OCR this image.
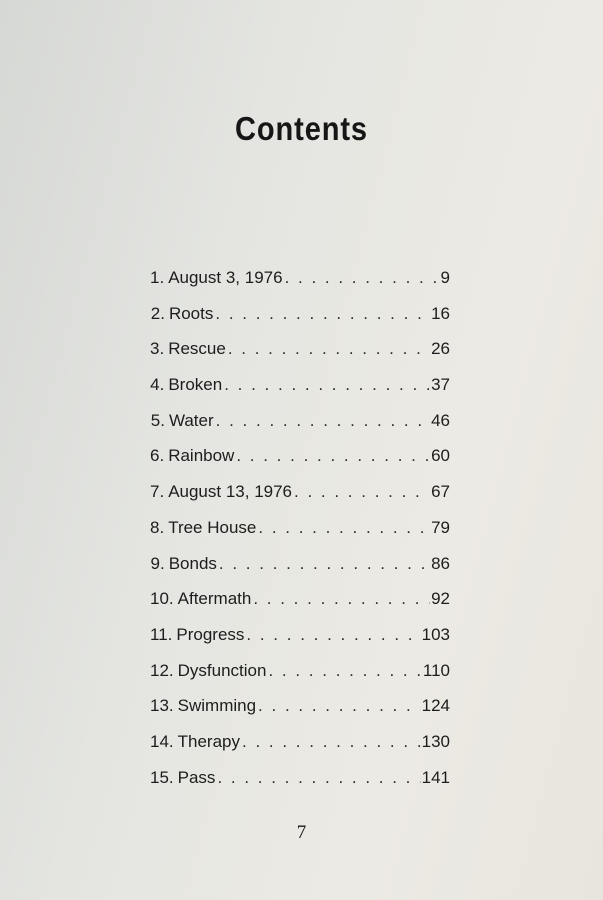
Contents
1. August 3, 1976 . . .	9
2. Roots . . .	16
3. Rescue . . .	26
4. Broken . . .	37
5. Water . . .	46
6. Rainbow . . .	60
7. August 13, 1976 . . .	67
8. Tree House . . .	79
9. Bonds . . .	86
10. Aftermath . . .	92
11. Progress . . .	103
12. Dysfunction . . .	110
13. Swimming . . .	124
14. Therapy . . .	130
15. Pass . . .	141
7
